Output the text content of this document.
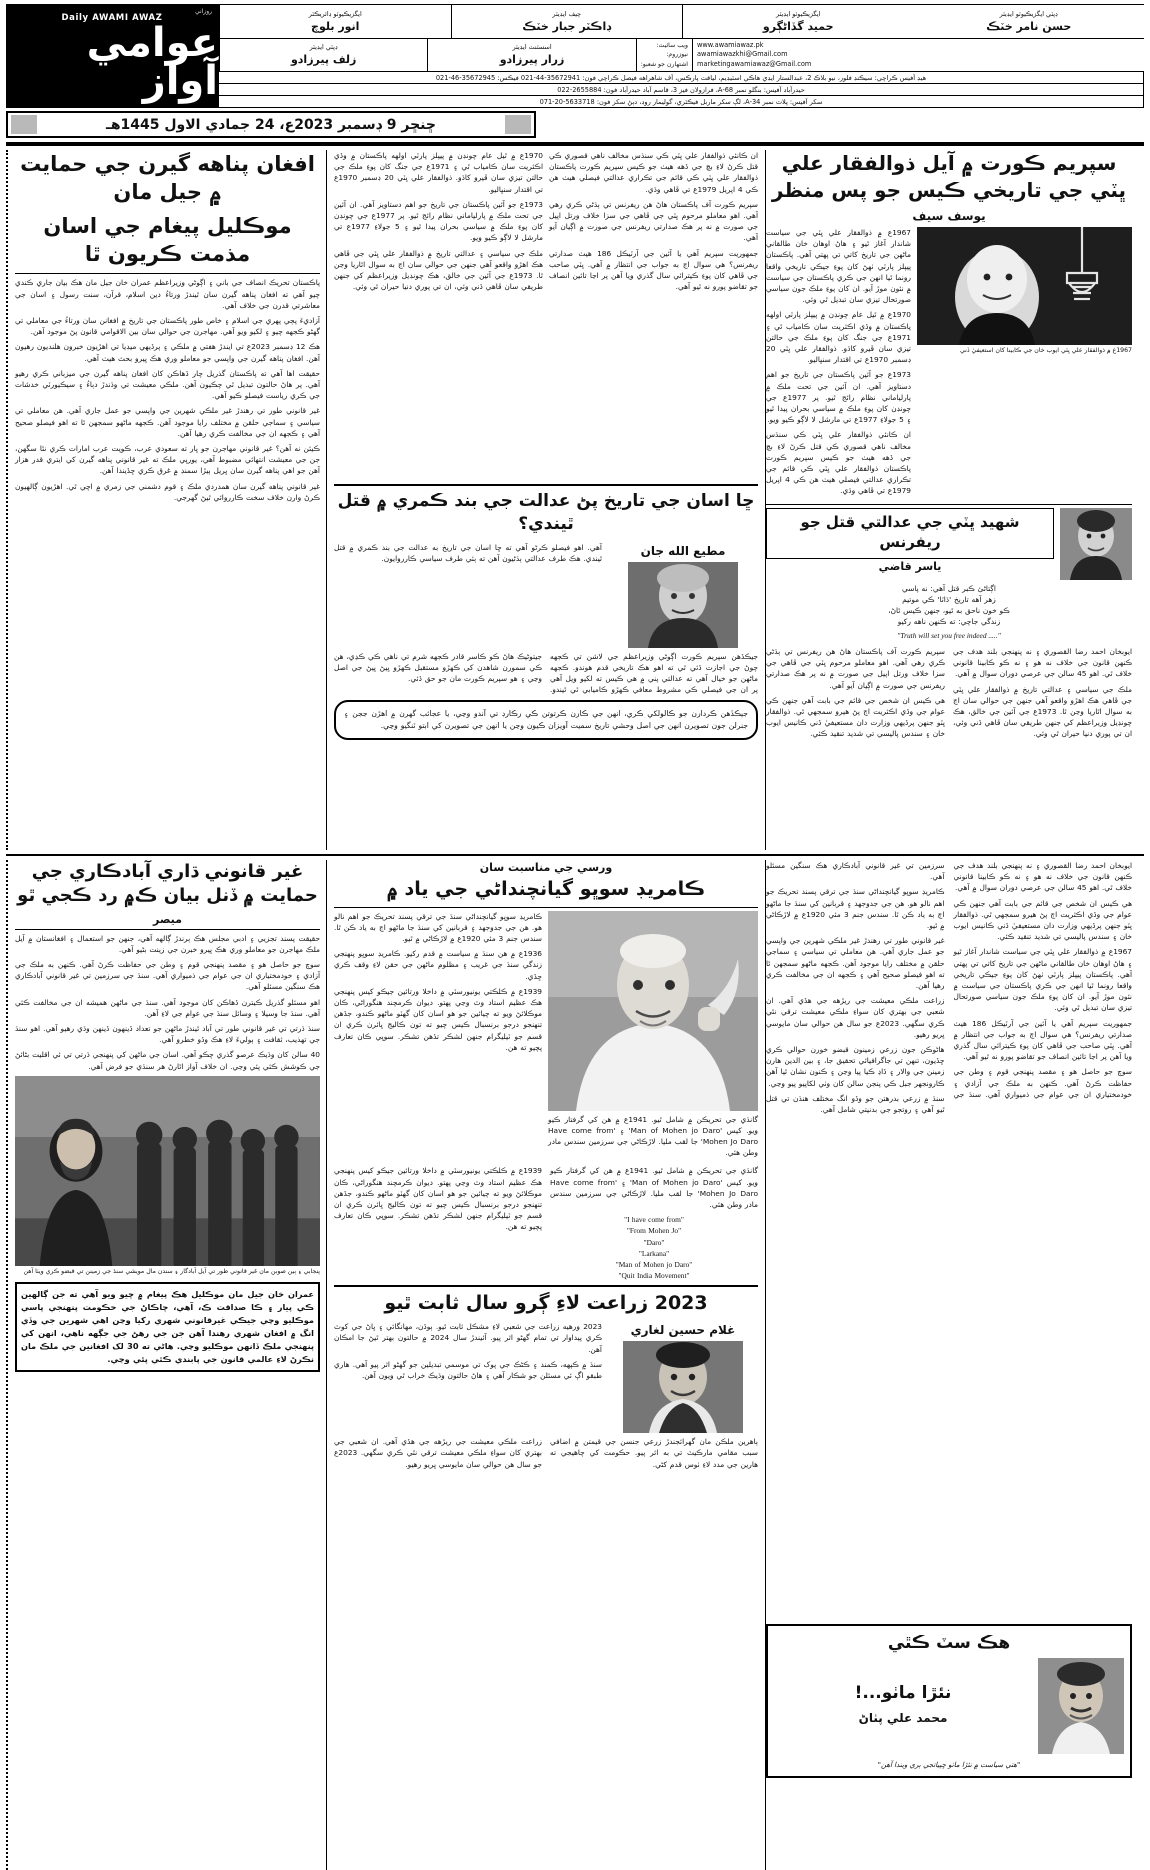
روزاني
Daily AWAMI AWAZ
عوامي آواز
ايگزيڪيوٽو ڊائريڪٽر
انور بلوچ
چيف ايڊيٽر
ڊاڪٽر جبار خٽڪ
ايگزيڪيوٽو ايڊيٽر
حميد گڏاڻڳرو
ڊپٽي ايگزيڪيوٽو ايڊيٽر
حسن نامر خٽڪ
ڊپٽي ايڊيٽر
زلف پيرزادو
اسسٽنٽ ايڊيٽر
زرار پيرزادو
ويب سائيٽ:
نيوزروم:
اشتهارن جو شعبو:
www.awamiawaz.pk
awamiawazkhi@Gmail.com
marketingawamiawaz@Gmail.com
هيڊ آفيس ڪراچي: سيڪنڊ فلور، نيو بلاڪ 2، عبدالستار ايڊي هاڪي اسٽيڊيم، لياقت پارڪس، آف شاهراهه فيصل ڪراچي فون: 35672941-44-021 فيڪس: 35672945-46-021
حيدرآباد آفيس: بنگلو نمبر 68-A، فرازولان فيز 3، قاسم آباد حيدرآباد فون: 2655884-022
سکر آفيس: پلاٽ نمبر 34-A، لڳ سکر ماربل فيڪٽري، گوليمار روڊ، دٻڻ سکر فون: 5633718-20-071
ڇنڇر 9 ڊسمبر 2023ع، 24 جمادي الاول 1445هـ
افغان پناهه گيرن جي حمايت ۾ جيل مان
موڪليل پيغام جي اسان مذمت ڪريون ٿا

پاڪستان تحريڪ انصاف جي باني ۽ اڳوڻي وزيراعظم عمران خان جيل مان هڪ بيان جاري ڪندي چيو آهي ته افغان پناهه گيرن سان ٿيندڙ ورتاءُ دين اسلام، قرآن، سنت رسول ۽ اسان جي معاشرتي قدرن جي خلاف آهي.

آزاديءَ پڄي پهري جي اسلام ۽ خاص طور پاڪستان جي تاريخ ۾ افغانن سان ورتاءُ جي معاملي تي گهڻو ڪجهه چيو ۽ لکيو ويو آهي. مهاجرن جي حوالي سان بين الاقوامي قانون پڻ موجود آهن.

هڪ 12 ڊسمبر 2023ع تي ايندڙ هفتي ۾ ملڪي ۽ پرڏيهي ميڊيا تي اهڙيون خبرون هلنديون رهيون آهن. افغان پناهه گيرن جي واپسي جو معاملو وري هڪ ڀيرو بحث هيٺ آهي.

حقيقت اها آهي ته پاڪستان گذريل چار ڏهاڪن کان افغان پناهه گيرن جي ميزباني ڪري رهيو آهي. پر هاڻ حالتون تبديل ٿي چڪيون آهن. ملڪي معيشت تي وڌندڙ دٻاءُ ۽ سيڪيورٽي خدشات جي ڪري رياست فيصلو ڪيو آهي.

غير قانوني طور تي رهندڙ غير ملڪي شهرين جي واپسي جو عمل جاري آهي. هن معاملي تي سياسي ۽ سماجي حلقن ۾ مختلف رايا موجود آهن. ڪجهه ماڻهو سمجهن ٿا ته اهو فيصلو صحيح آهي ۽ ڪجهه ان جي مخالفت ڪري رهيا آهن.

ڪيئن نه آهن؟ غير قانوني مهاجرن جو ڀار ته سعودي عرب، ڪويت عرب امارات ڪري نٿا سگهن، جن جي معيشت انتهائي مضبوط آهي، يورپي ملڪ ته غير قانوني پناهه گيرن کي ايتري قدر هزار آهن جو اهي پناهه گيرن سان ڀريل ٻيڙا سمنڊ ۾ غرق ڪري ڇڏيندا آهن.

غير قانوني پناهه گيرن سان همدردي ملڪ ۽ قوم دشمني جي زمري ۾ اچي ٿي. اهڙيون ڳالهيون ڪرڻ وارن خلاف سخت ڪارروائي ٿيڻ گهرجي.

1970ع ۾ ٿيل عام چونڊن ۾ پيپلز پارٽي اولهه پاڪستان ۾ وڏي اڪثريت سان ڪامياب ٿي ۽ 1971ع جي جنگ کان پوءِ ملڪ جي حالتن تيزي سان ڦيرو کاڌو. ذوالفقار علي ڀٽي 20 ڊسمبر 1970ع تي اقتدار سنڀاليو.

1973ع جو آئين پاڪستان جي تاريخ جو اهم دستاويز آهي. ان آئين جي تحت ملڪ ۾ پارلياماني نظام رائج ٿيو. پر 1977ع جي چونڊن کان پوءِ ملڪ ۾ سياسي بحران پيدا ٿيو ۽ 5 جولاءِ 1977ع تي مارشل لا لاڳو ڪيو ويو.

ملڪ جي سياسي ۽ عدالتي تاريخ ۾ ذوالفقار علي ڀٽي جي ڦاهي هڪ اهڙو واقعو آهي جنهن جي حوالي سان اڄ به سوال اٿاريا وڃن ٿا. 1973ع جي آئين جي خالق، هڪ چونڊيل وزيراعظم کي جنهن طريقي سان ڦاهي ڏني وئي، ان تي پوري دنيا حيران ٿي وئي.

ان ڪانئي ذوالفقار علي ڀٽي ڪي سنڌس مخالف ناهي قصوري ڪي قتل ڪرڻ لاءِ بچ جي ڏهه هيٺ جو ڪيس سپريم ڪورت پاڪستان ذوالفقار علي ڀٽي ڪي قائم جي تڪراري عدالتي فيصلي هيٺ هن ڪي 4 اپريل 1979ع تي ڦاهي وڌي.

سپريم ڪورت آف پاڪستان هاڻ هن ريفرنس تي ٻڌڻي ڪري رهي آهي. اهو معاملو مرحوم ڀٽي جي ڦاهي جي سزا خلاف ورتل اپيل جي صورت ۾ نه پر هڪ صدارتي ريفرنس جي صورت ۾ اڳيان آيو آهي.

جمهوريت سپريم آهي يا آئين جي آرٽيڪل 186 هيٺ صدارتي ريفرنس؟ هي سوال اڄ به جواب جي انتظار ۾ آهي. ڀٽي صاحب جي ڦاهي کان پوءِ ڪيترائي سال گذري ويا آهن پر اڃا تائين انصاف جو تقاضو پورو نه ٿيو آهي.

ڇا اسان جي تاريخ پڻ عدالت جي بند ڪمري ۾ قتل ٿيندي؟

آهي. اهو فيصلو ڪرڻو آهي ته ڇا اسان جي تاريخ به عدالت جي بند ڪمري ۾ قتل ٿيندي. هڪ طرف عدالتي ٻڌڻيون آهن ته ٻئي طرف سياسي ڪارروايون.

مطيع الله جان

جيڪڏهن سپريم ڪورت اڳوڻي وزيراعظم جي لاشن تي ڪجهه چوڻ جي اجازت ڏئي ٿي ته اهو هڪ تاريخي قدم هوندو. ڪجهه ماڻهن جو خيال آهي ته عدالتي پني ۾ هي ڪيس ته لکيو ويل آهي پر ان جي فيصلي ڪي مشروط معافي ڪهڙو ڪاميابي ٿي ٿيندو. جيتوڻيڪ هاڻ ڪو ڪاسر قادر ڪجهه شرم تي ناهي ڪي ڪڍي، هن ڪي سمورن شاهدن کي ڪهڙو مستقبل ڪهڙو ڀيڻ ڀيڻ جي اصل وڃي ۽ هو سپريم ڪورت مان جو حق ڏئي.

جيڪڏهن ڪردارن جو ڪالولکي ڪري، انهن جي ڪارن ڪرتوتن ڪي رڪارڊ تي آندو وڃي، يا عجائب گهرن ۾ اهڙن ججن ۽ جنرلن جون تصويرن انهن جي اصل وحشي تاريخ سميت آويزان ڪيون وڃن يا انهن جي تصويرن کي ابتو ٽنگيو وڃي.
سپريم ڪورت ۾ آيل ذوالفقار علي ڀٽي جي تاريخي ڪيس جو پس منظر
يوسف سيف

1967ع ۾ ذوالفقار علي ڀٽي جي سياست شاندار آغاز ٿيو ۽ هاڻ اوهان خان طالقاني ماڻهن جي تاريخ کاتي تي پهتي آهي. پاڪستان پيپلز پارٽي ٺهڻ کان پوءِ جيڪي تاريخي واقعا رونما ٿيا انهن جي ڪري پاڪستان جي سياست ۾ نئون موڙ آيو. ان کان پوءِ ملڪ جون سياسي صورتحال تيزي سان تبديل ٿي وئي.

1970ع ۾ ٿيل عام چونڊن ۾ پيپلز پارٽي اولهه پاڪستان ۾ وڏي اڪثريت سان ڪامياب ٿي ۽ 1971ع جي جنگ کان پوءِ ملڪ جي حالتن تيزي سان ڦيرو کاڌو. ذوالفقار علي ڀٽي 20 ڊسمبر 1970ع تي اقتدار سنڀاليو.

1973ع جو آئين پاڪستان جي تاريخ جو اهم دستاويز آهي. ان آئين جي تحت ملڪ ۾ پارلياماني نظام رائج ٿيو. پر 1977ع جي چونڊن کان پوءِ ملڪ ۾ سياسي بحران پيدا ٿيو ۽ 5 جولاءِ 1977ع تي مارشل لا لاڳو ڪيو ويو.

ان ڪانئي ذوالفقار علي ڀٽي ڪي سنڌس مخالف ناهي قصوري ڪي قتل ڪرڻ لاءِ بچ جي ڏهه هيٺ جو ڪيس سپريم ڪورت پاڪستان ذوالفقار علي ڀٽي ڪي قائم جي تڪراري عدالتي فيصلي هيٺ هن ڪي 4 اپريل 1979ع تي ڦاهي وڌي.

1967ع ۾ ذوالفقار علي ڀٽي ايوب خان جي ڪابينا کان استعيفيٰ ڏني
شهيد ڀٽي جي عدالتي قتل جو ريفرنس
ياسر قاضي
اڳتاڻئ ڪبر قتل آهي: نه پاسي
زهر آهه تاريخ 'ڌاٽا' ڪي موتيم
ڪو خون ناحق به ٿيو، جنهن ڪيس ٿاڻ،
زندگي جاچي: ته ڪنهن ناهه رکيو
"Truth will set you free indeed ....."

ايوبخان احمد رضا القصوري ۽ نه پنهنجي بلند هدف جي ڪنهن قانون جي خلاف نه هو ۽ نه ڪو ڪابينا قانوني خلاف ٿي. اهو 45 سالن جي عرصي دوران سوال ۾ آهي.

ملڪ جي سياسي ۽ عدالتي تاريخ ۾ ذوالفقار علي ڀٽي جي ڦاهي هڪ اهڙو واقعو آهي جنهن جي حوالي سان اڄ به سوال اٿاريا وڃن ٿا. 1973ع جي آئين جي خالق، هڪ چونڊيل وزيراعظم کي جنهن طريقي سان ڦاهي ڏني وئي، ان تي پوري دنيا حيران ٿي وئي.

سپريم ڪورت آف پاڪستان هاڻ هن ريفرنس تي ٻڌڻي ڪري رهي آهي. اهو معاملو مرحوم ڀٽي جي ڦاهي جي سزا خلاف ورتل اپيل جي صورت ۾ نه پر هڪ صدارتي ريفرنس جي صورت ۾ اڳيان آيو آهي.

هي ڪيس ان شخص جي قائم جي بابت آهي جنهن ڪي عوام جي وڏي اڪثريت اڄ پڻ هيرو سمجهي ٿي. ذوالفقار ڀٽو جنهن پرڏيهي وزارت دان مستعيفيٰ ڏني ڪانيس ايوب خان ۽ سندس پاليسي تي شديد تنقيد ڪئي.

غير قانوني ڌاري آبادڪاري جي حمايت ۾ ڏنل بيان ڪ۾ رد ڪجي ٿو
ميصر

حقيقت پسند تجزيي ۽ ادبي مجلس هڪ ٻرندڙ ڳالهه آهي، جنهن جو استعمال ۽ افغانستان ۾ آيل ملڪ مهاجرن جو معاملو وري هڪ ڀيرو خبرن جي زينت بڻيو آهي.

سوچ جو حاصل هو ۽ مقصد پنهنجي قوم ۽ وطن جي حفاظت ڪرڻ آهي. ڪنهن به ملڪ جي آزادي ۽ خودمختياري ان جي عوام جي ذميواري آهي. سنڌ جي سرزمين تي غير قانوني آبادڪاري هڪ سنگين مسئلو آهي.

اهو مسئلو گذريل ڪيترن ڏهاڪن کان موجود آهي. سنڌ جي ماڻهن هميشه ان جي مخالفت ڪئي آهي. سنڌ جا وسيلا ۽ وسائل سنڌ جي عوام جي لاءِ آهن.

سنڌ ڌرتي تي غير قانوني طور تي آباد ٿيندڙ ماڻهن جو تعداد ڏينهون ڏينهن وڌي رهيو آهي. اهو سنڌ جي تهذيب، ثقافت ۽ ٻوليءَ لاءِ هڪ وڏو خطرو آهي.

40 سالن کان وڌيڪ عرصو گذري چڪو آهي. اسان جي ماڻهن کي پنهنجي ڌرتي تي ئي اقليت بڻائڻ جي ڪوشش ڪئي پئي وڃي. ان خلاف آواز اٿارڻ هر سنڌي جو فرض آهي.

پنجابي ۽ ٻين صوبن مان غير قانوني طور تي آيل آبادگار ۽ سندن مال مويشي سنڌ جي زمينن تي قبضو ڪري ويٺا آهن
عمران خان جيل مان موڪليل هڪ پيغام ۾ چيو ويو آهي ته جن ڳالهين ڪي پيار ۽ ڪا صداقت ڪ، آهي، چاڪاڻ جي حڪومت پنهنجي پاسي موڪليو وڃي جيڪي غيرقانوني شهري رکيا وڃن اهي شهرين جي وڏي انگ ۾ افغان شهري رهندا آهن جن جي رهڻ جي جڳهه ناهي، انهن کي پنهنجي ملڪ ڏانهن موڪليو وڃي. هاڻي ته 30 لک افغانين جي ملڪ مان نڪرڻ لاءِ عالمي قانون جي پابندي ڪٿي پئي وڃي.
ورسي جي مناسبت سان
ڪامريڊ سوڀو گيانچنداڻي جي ياد ۾

ڪامريڊ سوڀو گيانچنداڻي سنڌ جي ترقي پسند تحريڪ جو اهم نالو هو. هن جي جدوجهد ۽ قربانين کي سنڌ جا ماڻهو اڄ به ياد ڪن ٿا. سندس جنم 3 مئي 1920ع ۾ لاڙڪاڻي ۾ ٿيو.

1936ع ۾ هن سنڌ ۾ سياست ۾ قدم رکيو. ڪامريڊ سوڀو پنهنجي زندگي سنڌ جي غريب ۽ مظلوم ماڻهن جي حقن لاءِ وقف ڪري ڇڏي.

1939ع ۾ ڪلڪتي يونيورسٽي ۾ داخلا ورتائين جيڪو کيس پنهنجي هڪ عظيم استاد وٽ وڃي پهتو. ديوان ڪرمچند هنگوراڻي، ڪان موڪلائڻ ويو ته چيائين جو هو اسان کان گهٽو ماڻهو ڪندو، جڏهن تنهنجو درجو برنسبال ڪيس چيو ته تون ڪاليج ڀائرن ڪري ان قسم جو ٽيليگرام جنهن لشڪر تڏهن تشڪر. سوڀي ڪان تعارف پچيو ته هن.

گانڌي جي تحريڪن ۾ شامل ٿيو. 1941ع ۾ هن کي گرفتار ڪيو ويو. کيس 'Man of Mohen jo Daro' ۽ 'Have come from Mohen Jo Daro' جا لقب مليا. لاڙڪاڻي جي سرزمين سندس مادر وطن هئي.

1939ع ۾ ڪلڪتي يونيورسٽي ۾ داخلا ورتائين جيڪو کيس پنهنجي هڪ عظيم استاد وٽ وڃي پهتو. ديوان ڪرمچند هنگوراڻي، ڪان موڪلائڻ ويو ته چيائين جو هو اسان کان گهٽو ماڻهو ڪندو، جڏهن تنهنجو درجو برنسبال ڪيس چيو ته تون ڪاليج ڀائرن ڪري ان قسم جو ٽيليگرام جنهن لشڪر تڏهن تشڪر. سوڀي ڪان تعارف پچيو ته هن.

گانڌي جي تحريڪن ۾ شامل ٿيو. 1941ع ۾ هن کي گرفتار ڪيو ويو. کيس 'Man of Mohen jo Daro' ۽ 'Have come from Mohen Jo Daro' جا لقب مليا. لاڙڪاڻي جي سرزمين سندس مادر وطن هئي.

"I have come from"
"From Mohen Jo"
"Daro"
"Larkana"
"Man of Mohen jo Daro"
"Quit India Movement"
2023 زراعت لاءِ ڳرو سال ثابت ٿيو

2023 ورهيه زراعت جي شعبي لاءِ مشڪل ثابت ٿيو. ٻوڏن، مهانگائي ۽ ڀاڻ جي کوٽ ڪري پيداوار تي تمام گهڻو اثر پيو. آئيندڙ سال 2024 ۾ حالتون بهتر ٿيڻ جا امڪان آهن.

سنڌ ۾ ڪپهه، ڪمند ۽ ڪڻڪ جي پوک تي موسمي تبديلين جو گهڻو اثر پيو آهي. هاري طبقو اڳ ئي مسئلن جو شڪار آهي ۽ هاڻ حالتون وڌيڪ خراب ٿي ويون آهن.

غلام حسين لغاري

ٻاهرين ملڪن مان گهرائجندڙ زرعي جنسن جي قيمتن ۾ اضافي سبب مقامي مارڪيٽ تي به اثر پيو. حڪومت کي چاهيجي ته هارين جي مدد لاءِ ٺوس قدم کڻي.

زراعت ملڪي معيشت جي ريڙهه جي هڏي آهي. ان شعبي جي بهتري کان سواءِ ملڪي معيشت ترقي نٿي ڪري سگهي. 2023ع جو سال هن حوالي سان مايوسي ڀريو رهيو.

ايوبخان احمد رضا القصوري ۽ نه پنهنجي بلند هدف جي ڪنهن قانون جي خلاف نه هو ۽ نه ڪو ڪابينا قانوني خلاف ٿي. اهو 45 سالن جي عرصي دوران سوال ۾ آهي.

هي ڪيس ان شخص جي قائم جي بابت آهي جنهن ڪي عوام جي وڏي اڪثريت اڄ پڻ هيرو سمجهي ٿي. ذوالفقار ڀٽو جنهن پرڏيهي وزارت دان مستعيفيٰ ڏني ڪانيس ايوب خان ۽ سندس پاليسي تي شديد تنقيد ڪئي.

1967ع ۾ ذوالفقار علي ڀٽي جي سياست شاندار آغاز ٿيو ۽ هاڻ اوهان خان طالقاني ماڻهن جي تاريخ کاتي تي پهتي آهي. پاڪستان پيپلز پارٽي ٺهڻ کان پوءِ جيڪي تاريخي واقعا رونما ٿيا انهن جي ڪري پاڪستان جي سياست ۾ نئون موڙ آيو. ان کان پوءِ ملڪ جون سياسي صورتحال تيزي سان تبديل ٿي وئي.

جمهوريت سپريم آهي يا آئين جي آرٽيڪل 186 هيٺ صدارتي ريفرنس؟ هي سوال اڄ به جواب جي انتظار ۾ آهي. ڀٽي صاحب جي ڦاهي کان پوءِ ڪيترائي سال گذري ويا آهن پر اڃا تائين انصاف جو تقاضو پورو نه ٿيو آهي.

سوچ جو حاصل هو ۽ مقصد پنهنجي قوم ۽ وطن جي حفاظت ڪرڻ آهي. ڪنهن به ملڪ جي آزادي ۽ خودمختياري ان جي عوام جي ذميواري آهي. سنڌ جي سرزمين تي غير قانوني آبادڪاري هڪ سنگين مسئلو آهي.

ڪامريڊ سوڀو گيانچنداڻي سنڌ جي ترقي پسند تحريڪ جو اهم نالو هو. هن جي جدوجهد ۽ قربانين کي سنڌ جا ماڻهو اڄ به ياد ڪن ٿا. سندس جنم 3 مئي 1920ع ۾ لاڙڪاڻي ۾ ٿيو.

غير قانوني طور تي رهندڙ غير ملڪي شهرين جي واپسي جو عمل جاري آهي. هن معاملي تي سياسي ۽ سماجي حلقن ۾ مختلف رايا موجود آهن. ڪجهه ماڻهو سمجهن ٿا ته اهو فيصلو صحيح آهي ۽ ڪجهه ان جي مخالفت ڪري رهيا آهن.

زراعت ملڪي معيشت جي ريڙهه جي هڏي آهي. ان شعبي جي بهتري کان سواءِ ملڪي معيشت ترقي نٿي ڪري سگهي. 2023ع جو سال هن حوالي سان مايوسي ڀريو رهيو.

هاڻوڪن جون زرعي زمينون قبضو خورن حوالي ڪري ڇڏيون، تنهن تي جاگرافيائي تحقيق جا، ۽ بين الدين هارن زمينن جي والار ۽ ڏاڍ ڪيا پيا وڃن ۽ ڪنون نشان ٿيا آهن ڪارونجهر جبل ڪي پنجن سالن کان وٺي لکاپيو پيو وڃي.

سنڌ ۾ زرعي بدرهتن جو وڏو انگ مختلف هنڌن تي قتل ٿيو آهي ۽ روتجو جي بدنيتي شامل آهي.

هڪ سٽ ڪٿي
نئڙا ماٺو...!
محمد علي پٺاڻ
"هتي سياست ۾ نئڙا ماٺو ڇپياتجي ٻري ويندا آهن"
